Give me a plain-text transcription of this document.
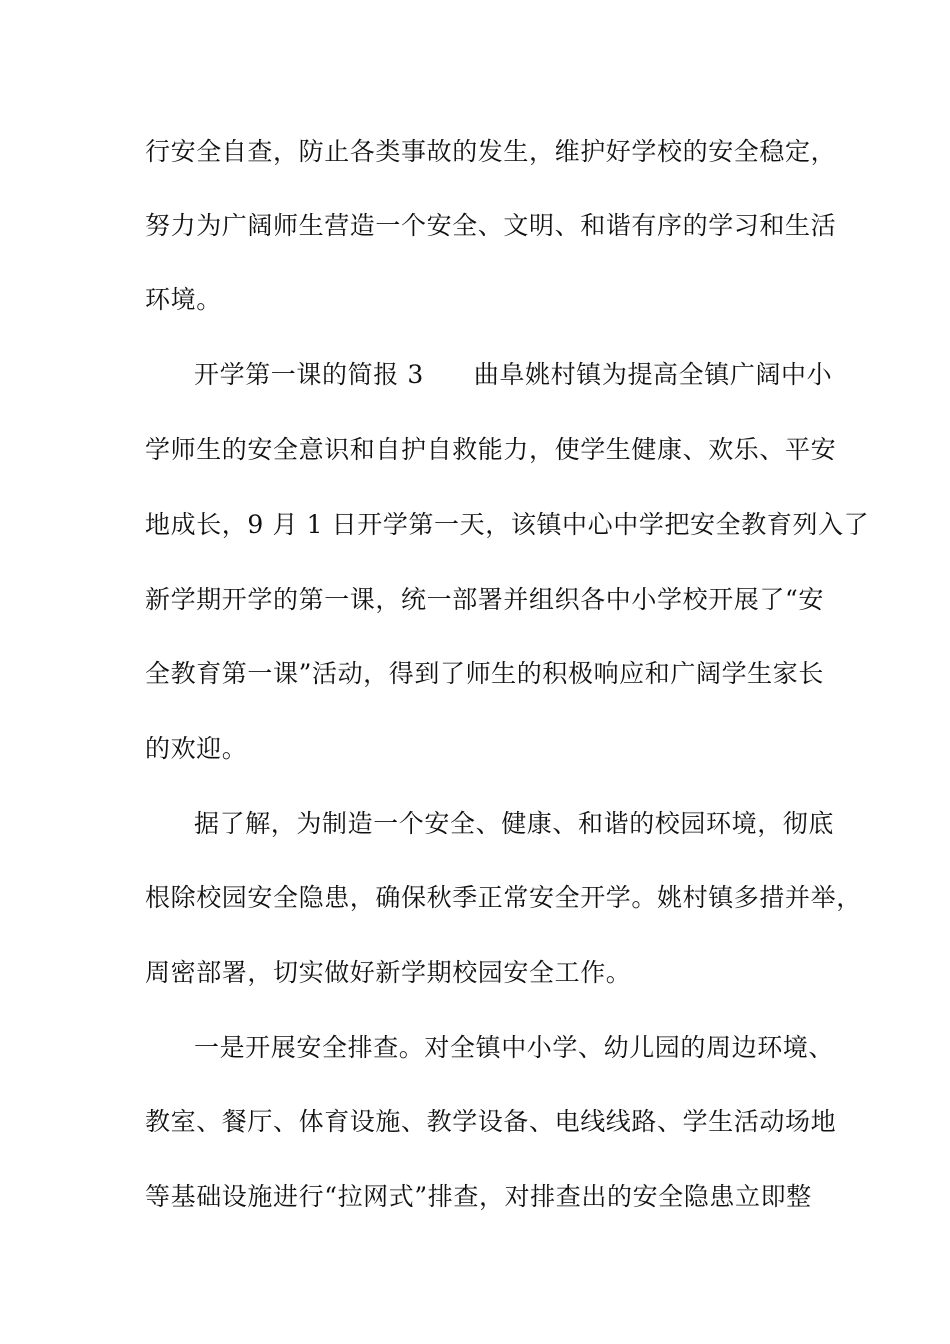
行安全自查，防止各类事故的发生，维护好学校的安全稳定，
努力为广阔师生营造一个安全、文明、和谐有序的学习和生活
环境。
开学第一课的简报 3 曲阜姚村镇为提高全镇广阔中小
学师生的安全意识和自护自救能力，使学生健康、欢乐、平安
地成长，9 月 1 日开学第一天，该镇中心中学把安全教育列入了
新学期开学的第一课，统一部署并组织各中小学校开展了“安
全教育第一课”活动，得到了师生的积极响应和广阔学生家长
的欢迎。
据了解，为制造一个安全、健康、和谐的校园环境，彻底
根除校园安全隐患，确保秋季正常安全开学。姚村镇多措并举，
周密部署，切实做好新学期校园安全工作。
一是开展安全排查。对全镇中小学、幼儿园的周边环境、
教室、餐厅、体育设施、教学设备、电线线路、学生活动场地
等基础设施进行“拉网式”排查，对排查出的安全隐患立即整
